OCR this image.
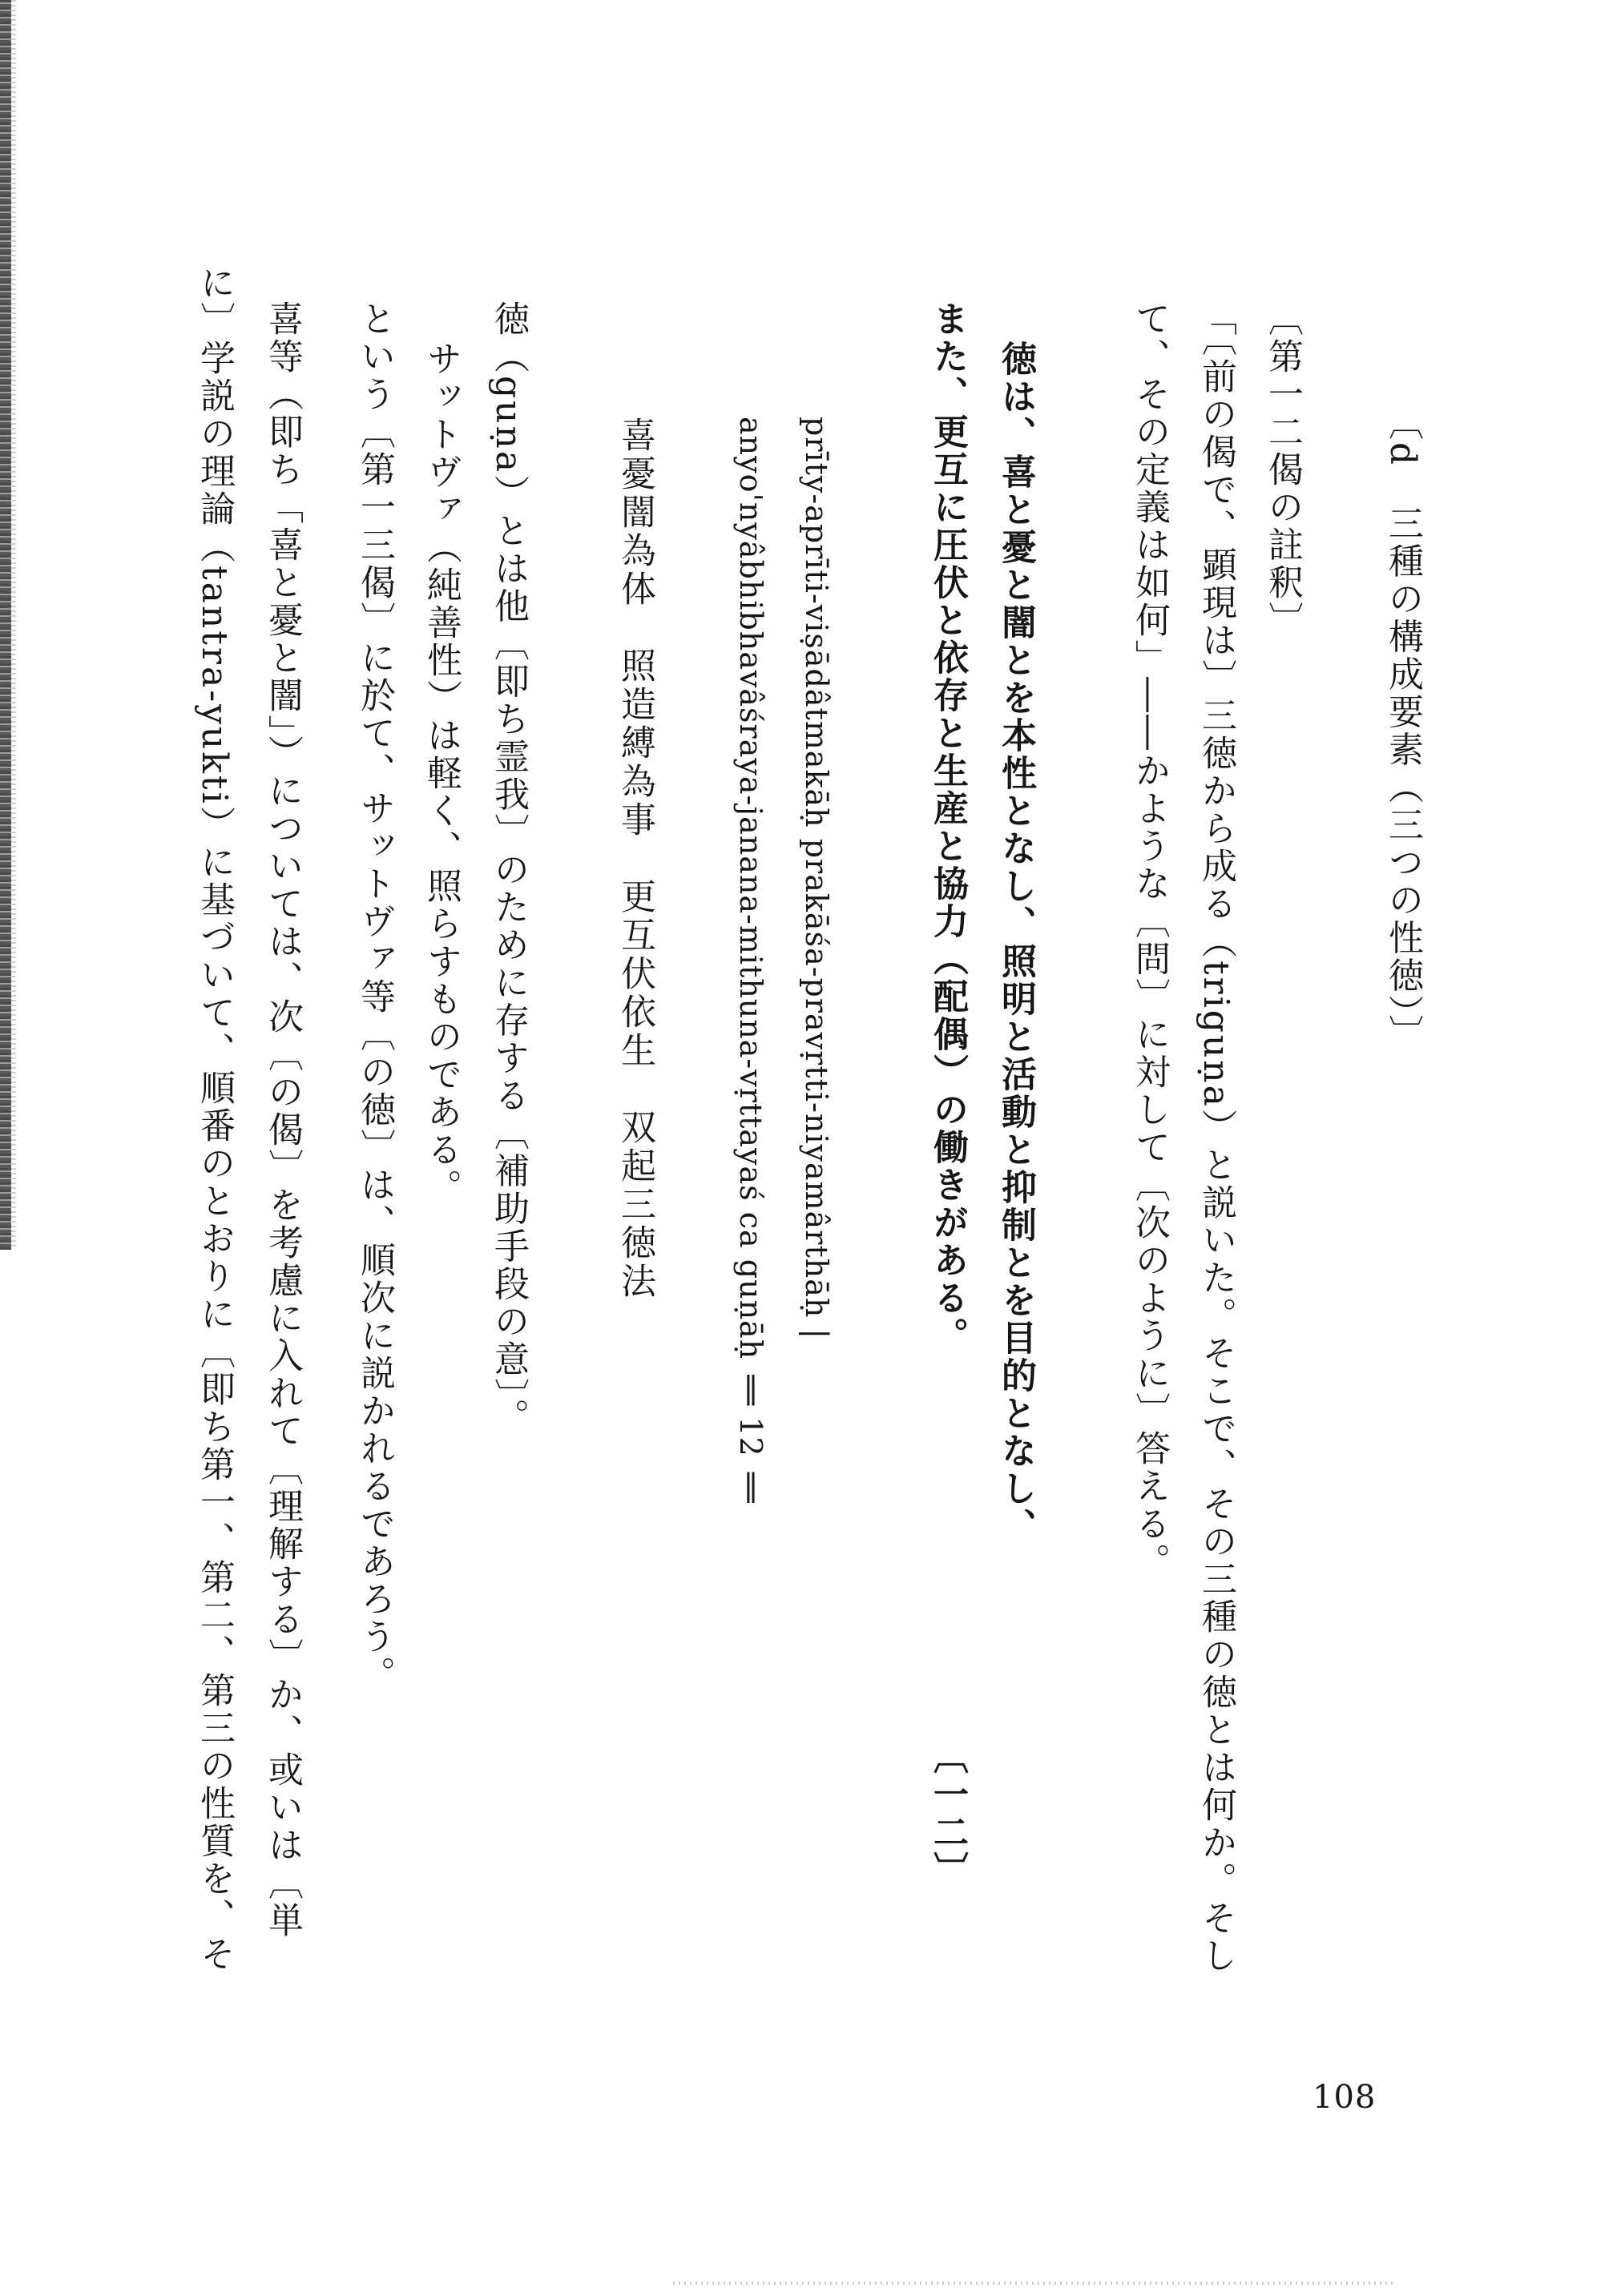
〔d　三種の構成要素（三つの性徳）〕
〔第一二偈の註釈〕
「〔前の偈で、顕現は〕三徳から成る（triguṇa）と説いた。そこで、その三種の徳とは何か。そし
て、その定義は如何」――かような〔問〕に対して〔次のように〕答える。
徳は、喜と憂と闇とを本性となし、照明と活動と抑制とを目的となし、
また、更互に圧伏と依存と生産と協力（配偶）の働きがある。
〔一二〕
prīty-aprīti-viṣādâtmakāḥ prakāśa-pravṛtti-niyamârthāḥ |
anyo'nyâbhibhavâśraya-janana-mithuna-vṛttayaś ca guṇāḥ ‖ 12 ‖
喜憂闇為体　照造縛為事　更互伏依生　双起三徳法
徳（guṇa）とは他〔即ち霊我〕のために存する〔補助手段の意〕。
サットヴァ（純善性）は軽く、照らすものである。
という〔第一三偈〕に於て、サットヴァ等〔の徳〕は、順次に説かれるであろう。
喜等（即ち「喜と憂と闇」）については、次〔の偈〕を考慮に入れて〔理解する〕か、或いは〔単
に〕学説の理論（tantra-yukti）に基づいて、順番のとおりに〔即ち第一、第二、第三の性質を、そ
108
